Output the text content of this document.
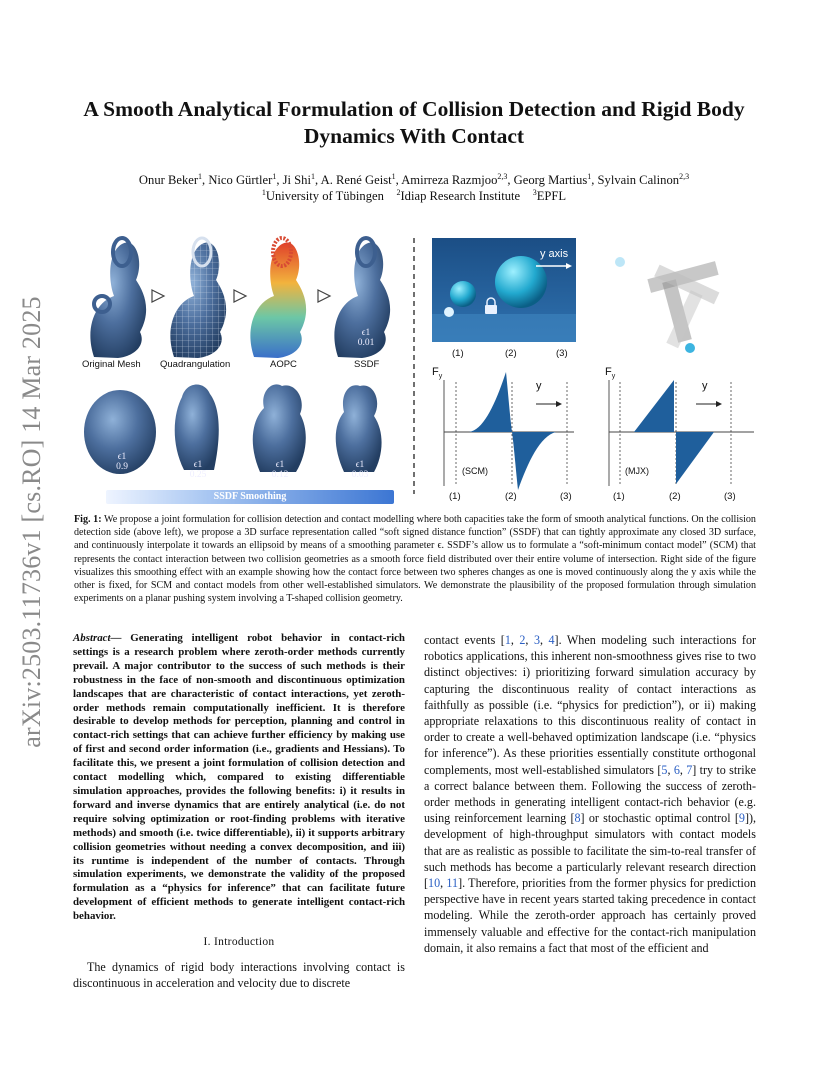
arXiv:2503.11736v1 [cs.RO] 14 Mar 2025
A Smooth Analytical Formulation of Collision Detection and Rigid Body Dynamics With Contact
Onur Beker$^1$, Nico Gürtler$^1$, Ji Shi$^1$, A. René Geist$^1$, Amirreza Razmjoo$^{2,3}$, Georg Martius$^1$, Sylvain Calinon$^{2,3}$
$^1$University of Tübingen $^2$Idiap Research Institute $^3$EPFL
Original Mesh Quadrangulation	AOPC	SSDF
ϵ1
0.01
ϵ1
0.9	ϵ1
0.25
ϵ1
0.12
ϵ1
0.03
SSDF Smoothing
y axis
(1)	(2)	(3)
$F_y$
y
(SCM)
(1)	(2)	(3)
$F_y$
y
(MJX)
(1)	(2)	(3)
Fig. 1: We propose a joint formulation for collision detection and contact modelling where both capacities take the form of smooth analytical functions. On the collision detection side (above left), we propose a 3D surface representation called “soft signed distance function” (SSDF) that can tightly approximate any closed 3D surface, and continuously interpolate it towards an ellipsoid by means of a smoothing parameter ϵ. SSDF’s allow us to formulate a “soft-minimum contact model” (SCM) that represents the contact interaction between two collision geometries as a smooth force field distributed over their entire volume of intersection. Right side of the figure visualizes this smoothing effect with an example showing how the contact force between two spheres changes as one is moved continuously along the y axis while the other is fixed, for SCM and contact models from other well-established simulators. We demonstrate the plausibility of the proposed formulation through simulation experiments on a planar pushing system involving a T-shaped collision geometry.
Abstract— Generating intelligent robot behavior in contact-rich settings is a research problem where zeroth-order methods currently prevail. A major contributor to the success of such methods is their robustness in the face of non-smooth and discontinuous optimization landscapes that are characteristic of contact interactions, yet zeroth-order methods remain computationally inefficient. It is therefore desirable to develop methods for perception, planning and control in contact-rich settings that can achieve further efficiency by making use of first and second order information (i.e., gradients and Hessians). To facilitate this, we present a joint formulation of collision detection and contact modelling which, compared to existing differentiable simulation approaches, provides the following benefits: i) it results in forward and inverse dynamics that are entirely analytical (i.e. do not require solving optimization or root-finding problems with iterative methods) and smooth (i.e. twice differentiable), ii) it supports arbitrary collision geometries without needing a convex decomposition, and iii) its runtime is independent of the number of contacts. Through simulation experiments, we demonstrate the validity of the proposed formulation as a “physics for inference” that can facilitate future development of efficient methods to generate intelligent contact-rich behavior.
I. Introduction
The dynamics of rigid body interactions involving contact is discontinuous in acceleration and velocity due to discrete
contact events [1, 2, 3, 4]. When modeling such interactions for robotics applications, this inherent non-smoothness gives rise to two distinct objectives: i) prioritizing forward simulation accuracy by capturing the discontinuous reality of contact interactions as faithfully as possible (i.e. “physics for prediction”), or ii) making appropriate relaxations to this discontinuous reality of contact in order to create a well-behaved optimization landscape (i.e. “physics for inference”). As these priorities essentially constitute orthogonal complements, most well-established simulators [5, 6, 7] try to strike a correct balance between them. Following the success of zeroth-order methods in generating intelligent contact-rich behavior (e.g. using reinforcement learning [8] or stochastic optimal control [9]), development of high-throughput simulators with contact models that are as realistic as possible to facilitate the sim-to-real transfer of such methods has become a particularly relevant research direction [10, 11]. Therefore, priorities from the former physics for prediction perspective have in recent years started taking precedence in contact modeling. While the zeroth-order approach has certainly proved immensely valuable and effective for the contact-rich manipulation domain, it also remains a fact that most of the efficient and
